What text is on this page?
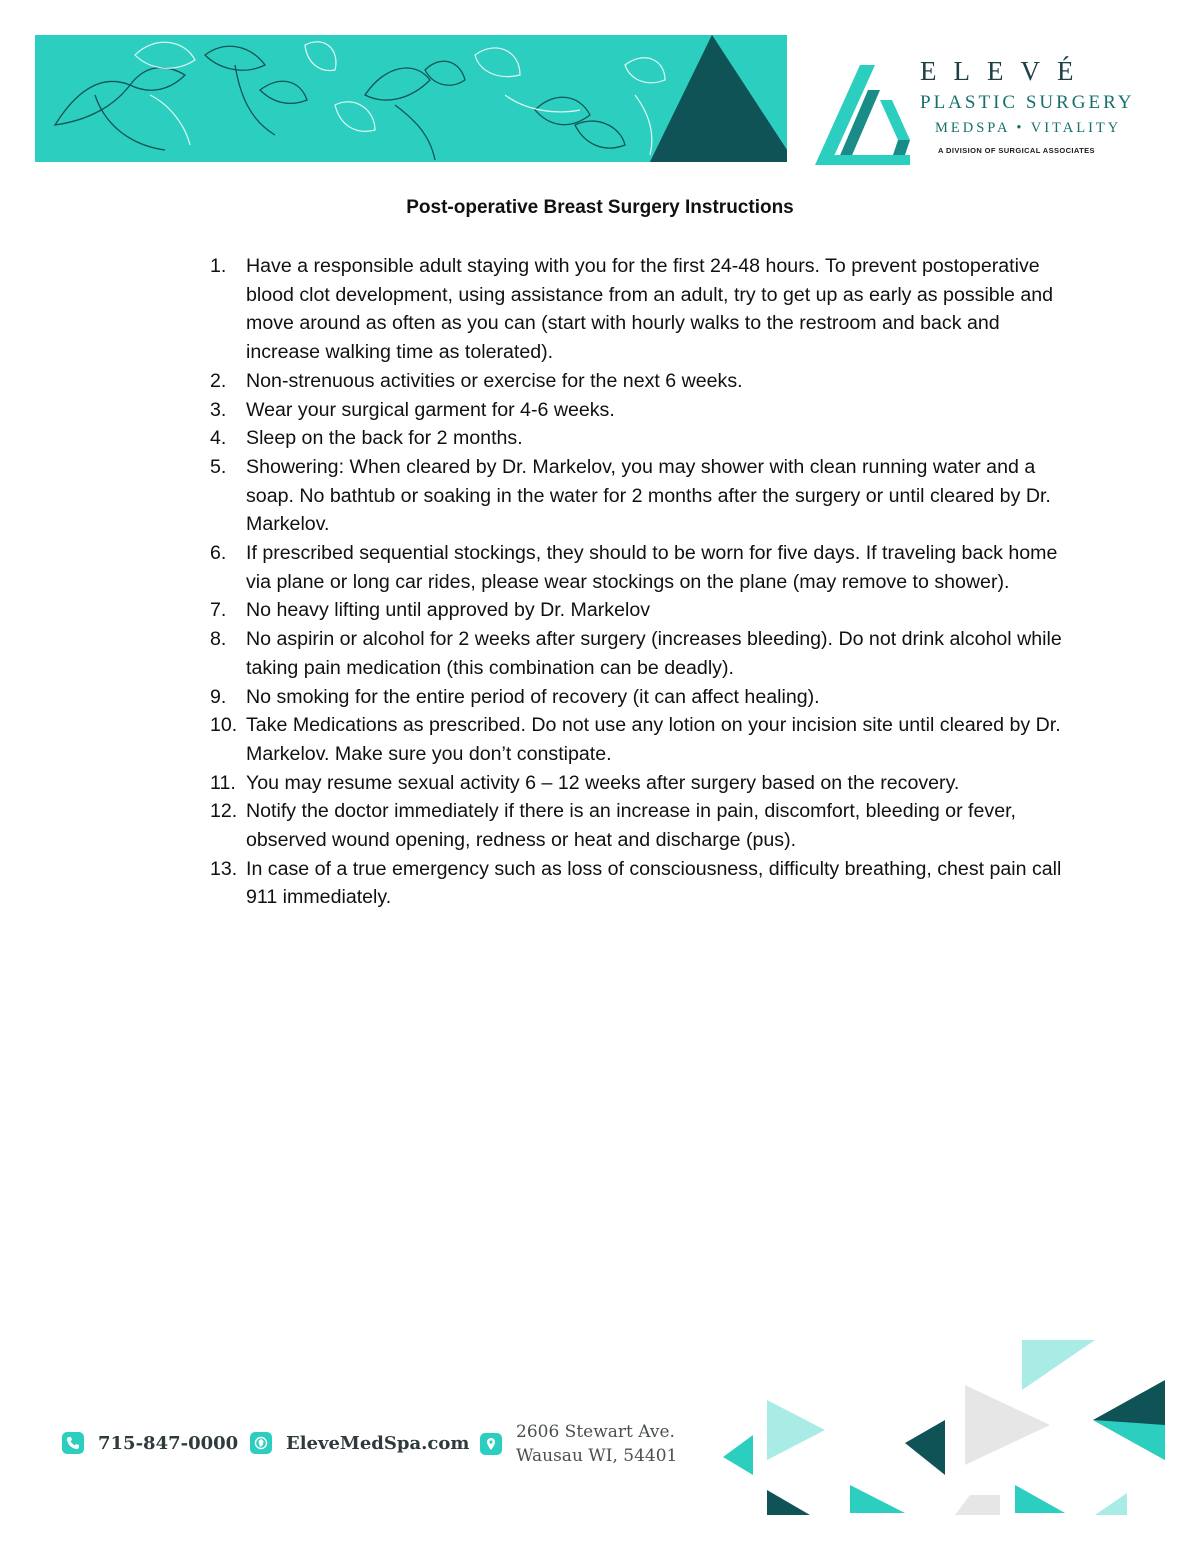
ELEVÉ
PLASTIC SURGERY
MEDSPA • VITALITY
A DIVISION OF SURGICAL ASSOCIATES
Post-operative Breast Surgery Instructions
1.	Have a responsible adult staying with you for the first 24-48 hours. To prevent postoperative blood clot development, using assistance from an adult, try to get up as early as possible and move around as often as you can (start with hourly walks to the restroom and back and increase walking time as tolerated).
2.	Non-strenuous activities or exercise for the next 6 weeks.
3.	Wear your surgical garment for 4-6 weeks.
4.	Sleep on the back for 2 months.
5.	Showering: When cleared by Dr. Markelov, you may shower with clean running water and a soap. No bathtub or soaking in the water for 2 months after the surgery or until cleared by Dr. Markelov.
6.	If prescribed sequential stockings, they should to be worn for five days. If traveling back home via plane or long car rides, please wear stockings on the plane (may remove to shower).
7.	No heavy lifting until approved by Dr. Markelov
8.	No aspirin or alcohol for 2 weeks after surgery (increases bleeding). Do not drink alcohol while taking pain medication (this combination can be deadly).
9.	No smoking for the entire period of recovery (it can affect healing).
10. Take Medications as prescribed. Do not use any lotion on your incision site until cleared by Dr. Markelov. Make sure you don’t constipate.
11. You may resume sexual activity 6 – 12 weeks after surgery based on the recovery.
12. Notify the doctor immediately if there is an increase in pain, discomfort, bleeding or fever, observed wound opening, redness or heat and discharge (pus).
13. In case of a true emergency such as loss of consciousness, difficulty breathing, chest pain call 911 immediately.
715-847-0000	EleveMedSpa.com
2606 Stewart Ave.
Wausau WI, 54401
